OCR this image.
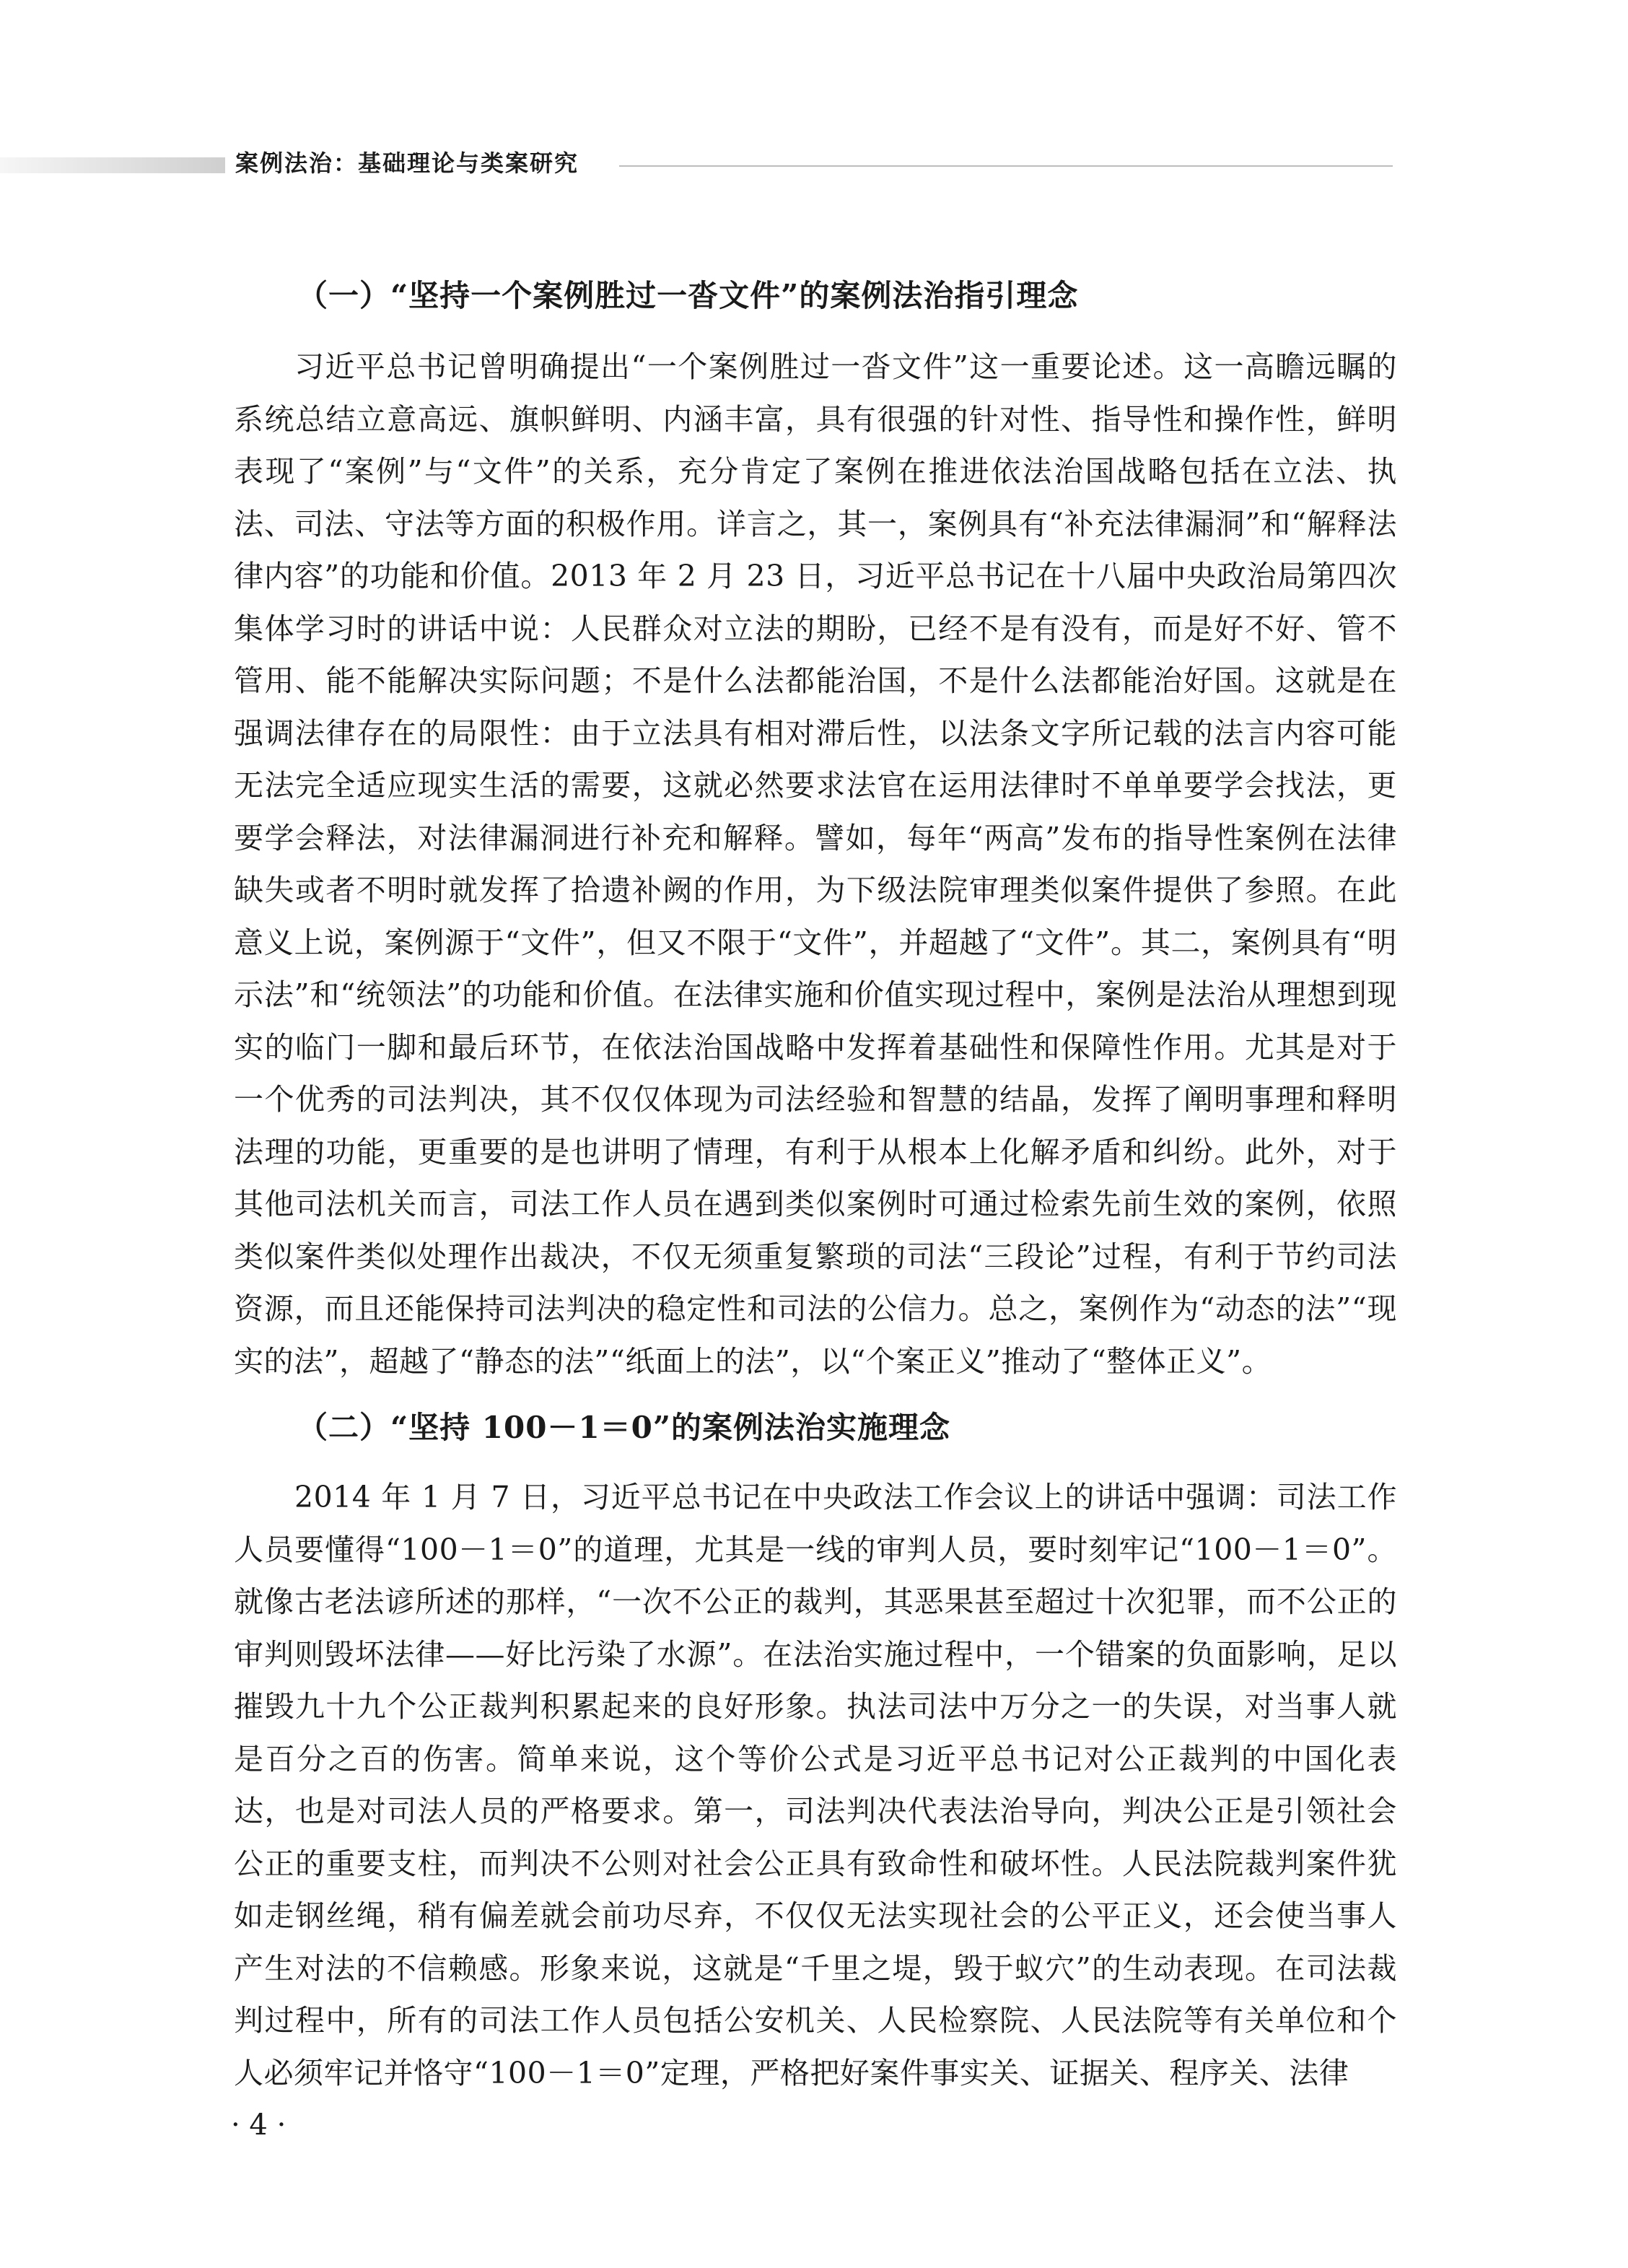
案例法治：基础理论与类案研究
（一）“坚持一个案例胜过一沓文件”的案例法治指引理念

习近平总书记曾明确提出“一个案例胜过一沓文件”这一重要论述。这一高瞻远瞩的系统总结立意高远、旗帜鲜明、内涵丰富，具有很强的针对性、指导性和操作性，鲜明表现了“案例”与“文件”的关系，充分肯定了案例在推进依法治国战略包括在立法、执法、司法、守法等方面的积极作用。详言之，其一，案例具有“补充法律漏洞”和“解释法律内容”的功能和价值。2013 年 2 月 23 日，习近平总书记在十八届中央政治局第四次集体学习时的讲话中说：人民群众对立法的期盼，已经不是有没有，而是好不好、管不管用、能不能解决实际问题；不是什么法都能治国，不是什么法都能治好国。这就是在强调法律存在的局限性：由于立法具有相对滞后性，以法条文字所记载的法言内容可能无法完全适应现实生活的需要，这就必然要求法官在运用法律时不单单要学会找法，更要学会释法，对法律漏洞进行补充和解释。譬如，每年“两高”发布的指导性案例在法律缺失或者不明时就发挥了拾遗补阙的作用，为下级法院审理类似案件提供了参照。在此意义上说，案例源于“文件”，但又不限于“文件”，并超越了“文件”。其二，案例具有“明示法”和“统领法”的功能和价值。在法律实施和价值实现过程中，案例是法治从理想到现实的临门一脚和最后环节，在依法治国战略中发挥着基础性和保障性作用。尤其是对于一个优秀的司法判决，其不仅仅体现为司法经验和智慧的结晶，发挥了阐明事理和释明法理的功能，更重要的是也讲明了情理，有利于从根本上化解矛盾和纠纷。此外，对于其他司法机关而言，司法工作人员在遇到类似案例时可通过检索先前生效的案例，依照类似案件类似处理作出裁决，不仅无须重复繁琐的司法“三段论”过程，有利于节约司法资源，而且还能保持司法判决的稳定性和司法的公信力。总之，案例作为“动态的法”“现实的法”，超越了“静态的法”“纸面上的法”，以“个案正义”推动了“整体正义”。

（二）“坚持 100－1＝0”的案例法治实施理念

2014 年 1 月 7 日，习近平总书记在中央政法工作会议上的讲话中强调：司法工作人员要懂得“100－1＝0”的道理，尤其是一线的审判人员，要时刻牢记“100－1＝0”。就像古老法谚所述的那样，“一次不公正的裁判，其恶果甚至超过十次犯罪，而不公正的审判则毁坏法律——好比污染了水源”。在法治实施过程中，一个错案的负面影响，足以摧毁九十九个公正裁判积累起来的良好形象。执法司法中万分之一的失误，对当事人就是百分之百的伤害。简单来说，这个等价公式是习近平总书记对公正裁判的中国化表达，也是对司法人员的严格要求。第一，司法判决代表法治导向，判决公正是引领社会公正的重要支柱，而判决不公则对社会公正具有致命性和破坏性。人民法院裁判案件犹如走钢丝绳，稍有偏差就会前功尽弃，不仅仅无法实现社会的公平正义，还会使当事人产生对法的不信赖感。形象来说，这就是“千里之堤，毁于蚁穴”的生动表现。在司法裁判过程中，所有的司法工作人员包括公安机关、人民检察院、人民法院等有关单位和个人必须牢记并恪守“100－1＝0”定理，严格把好案件事实关、证据关、程序关、法律

· 4 ·
